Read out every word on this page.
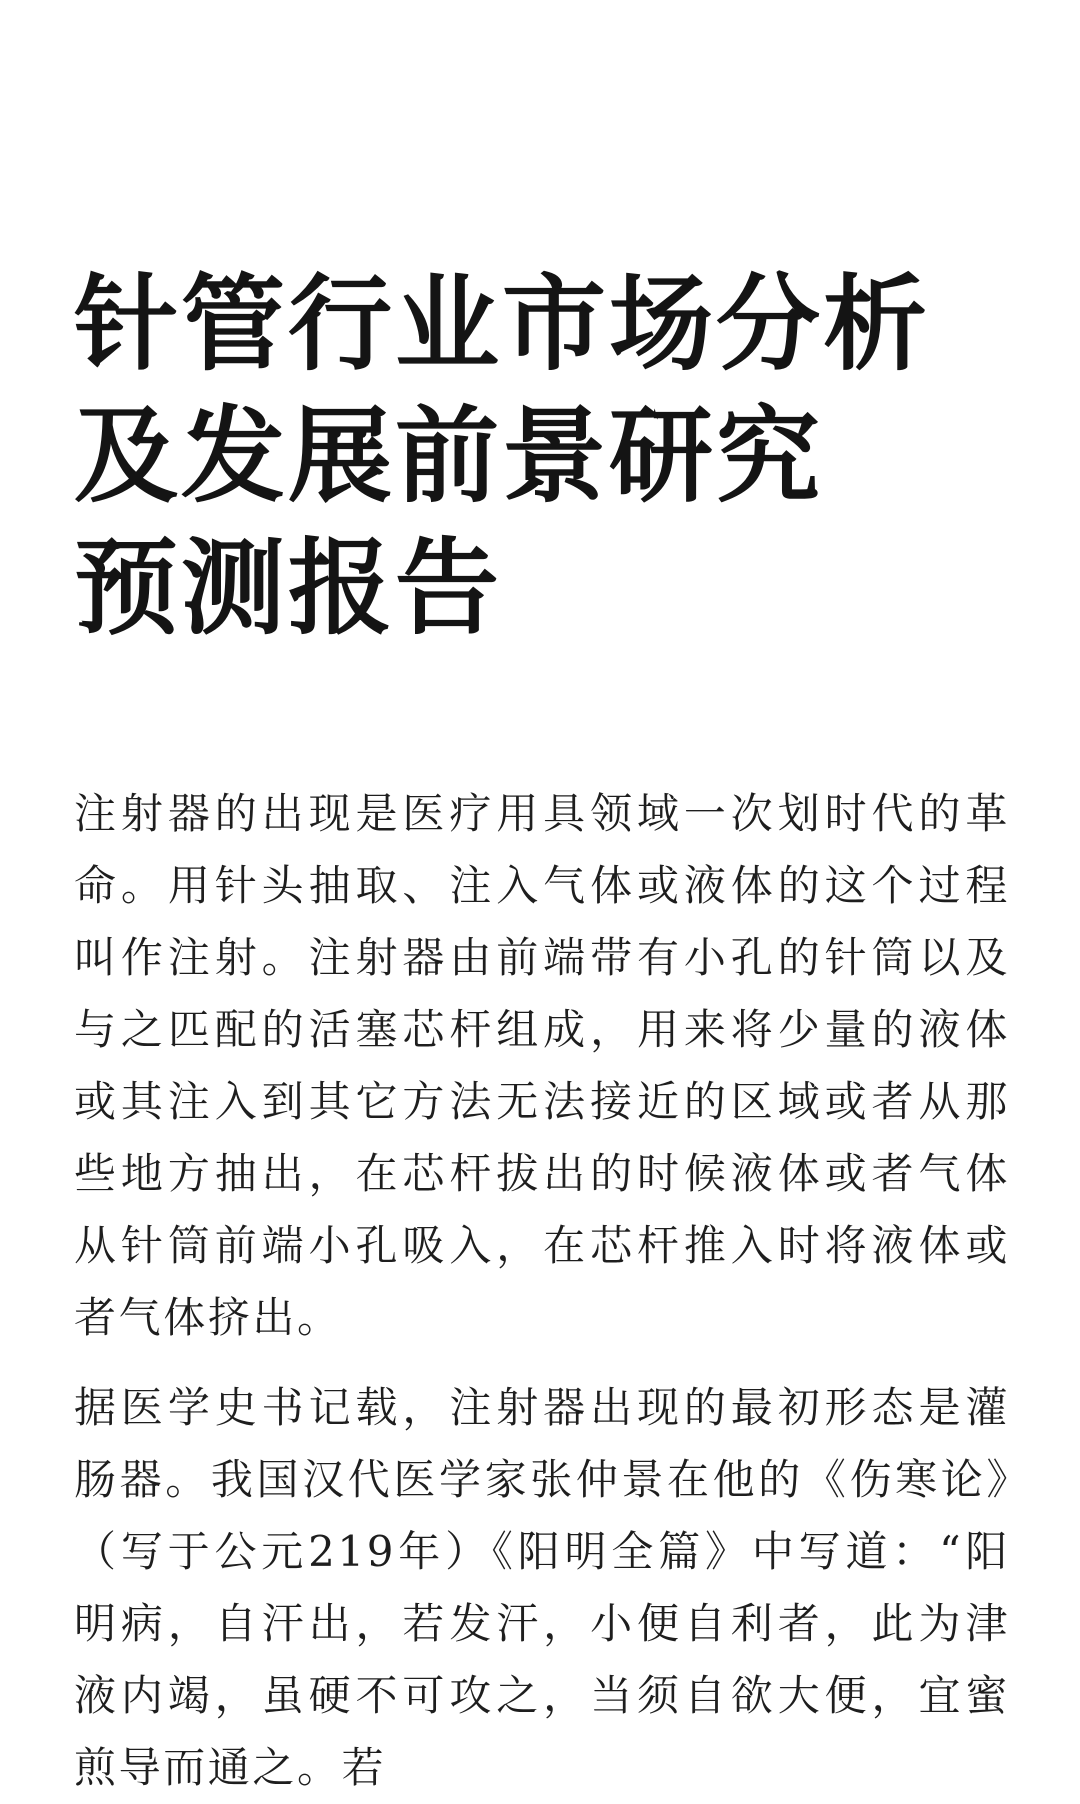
针管行业市场分析
及发展前景研究
预测报告

注射器的出现是医疗用具领域一次划时代的革命。用针头抽取、注入气体或液体的这个过程叫作注射。注射器由前端带有小孔的针筒以及与之匹配的活塞芯杆组成，用来将少量的液体或其注入到其它方法无法接近的区域或者从那些地方抽出，在芯杆拔出的时候液体或者气体从针筒前端小孔吸入，在芯杆推入时将液体或者气体挤出。

据医学史书记载，注射器出现的最初形态是灌肠器。我国汉代医学家张仲景在他的《伤寒论》（写于公元219年）《阳明全篇》中写道：“阳明病，自汗出，若发汗，小便自利者，此为津液内竭，虽硬不可攻之，当须自欲大便，宜蜜煎导而通之。若
